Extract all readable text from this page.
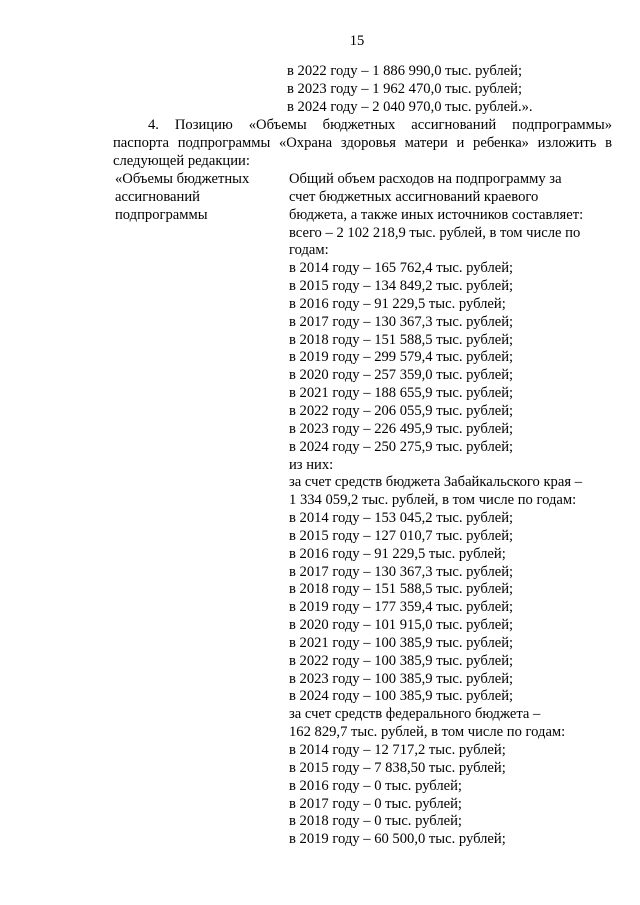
15
в 2022 году – 1 886 990,0 тыс. рублей;
в 2023 году – 1 962 470,0 тыс. рублей;
в 2024 году – 2 040 970,0 тыс. рублей.».
4. Позицию «Объемы бюджетных ассигнований подпрограммы»
паспорта подпрограммы «Охрана здоровья матери и ребенка» изложить в
следующей редакции:
«Объемы бюджетных
ассигнований
подпрограммы
Общий объем расходов на подпрограмму за
счет бюджетных ассигнований краевого
бюджета, а также иных источников составляет:
всего – 2 102 218,9 тыс. рублей, в том числе по
годам:
в 2014 году – 165 762,4 тыс. рублей;
в 2015 году – 134 849,2 тыс. рублей;
в 2016 году – 91 229,5 тыс. рублей;
в 2017 году – 130 367,3 тыс. рублей;
в 2018 году – 151 588,5 тыс. рублей;
в 2019 году – 299 579,4 тыс. рублей;
в 2020 году – 257 359,0 тыс. рублей;
в 2021 году – 188 655,9 тыс. рублей;
в 2022 году – 206 055,9 тыс. рублей;
в 2023 году – 226 495,9 тыс. рублей;
в 2024 году – 250 275,9 тыс. рублей;
из них:
за счет средств бюджета Забайкальского края –
1 334 059,2 тыс. рублей, в том числе по годам:
в 2014 году – 153 045,2 тыс. рублей;
в 2015 году – 127 010,7 тыс. рублей;
в 2016 году – 91 229,5 тыс. рублей;
в 2017 году – 130 367,3 тыс. рублей;
в 2018 году – 151 588,5 тыс. рублей;
в 2019 году – 177 359,4 тыс. рублей;
в 2020 году – 101 915,0 тыс. рублей;
в 2021 году – 100 385,9 тыс. рублей;
в 2022 году – 100 385,9 тыс. рублей;
в 2023 году – 100 385,9 тыс. рублей;
в 2024 году – 100 385,9 тыс. рублей;
за счет средств федерального бюджета –
162 829,7 тыс. рублей, в том числе по годам:
в 2014 году – 12 717,2 тыс. рублей;
в 2015 году – 7 838,50 тыс. рублей;
в 2016 году – 0 тыс. рублей;
в 2017 году – 0 тыс. рублей;
в 2018 году – 0 тыс. рублей;
в 2019 году – 60 500,0 тыс. рублей;
